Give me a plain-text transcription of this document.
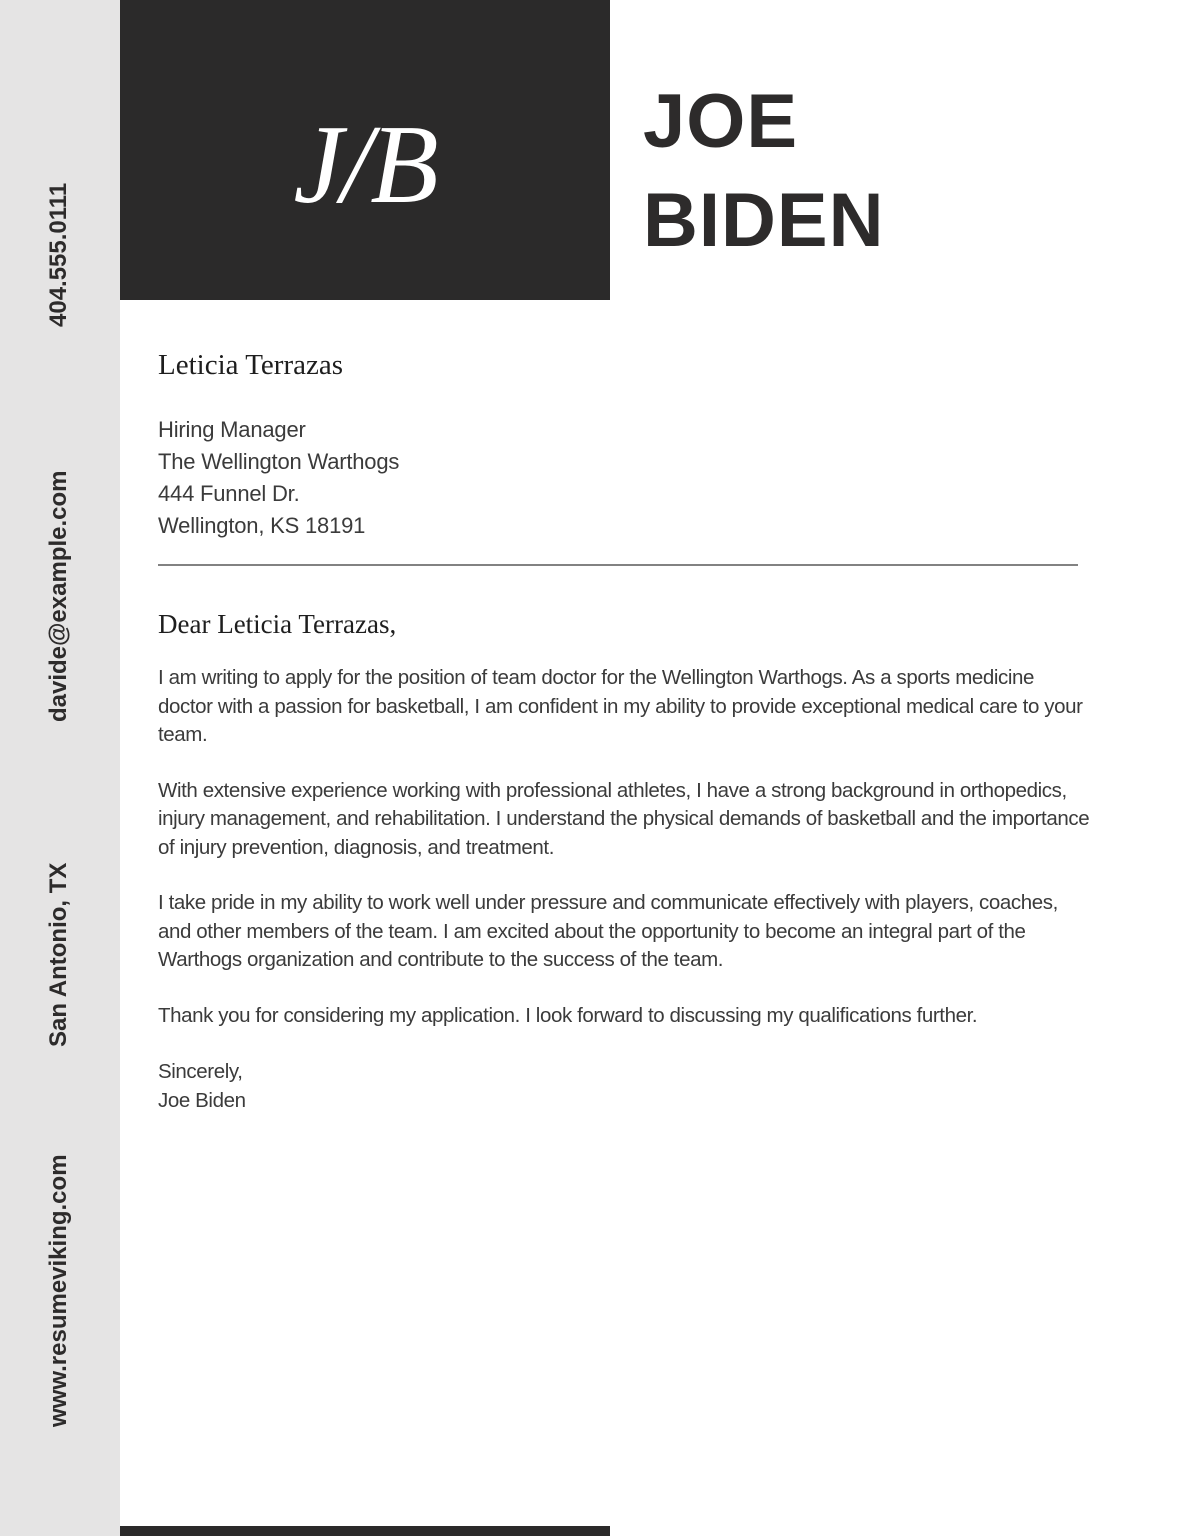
404.555.0111
davide@example.com
San Antonio, TX
www.resumeviking.com
J/B	JOE
BIDEN
Leticia Terrazas
Hiring Manager
The Wellington Warthogs
444 Funnel Dr.
Wellington, KS 18191
Dear Leticia Terrazas,

I am writing to apply for the position of team doctor for the Wellington Warthogs. As a sports medicine doctor with a passion for basketball, I am confident in my ability to provide exceptional medical care to your team.

With extensive experience working with professional athletes, I have a strong background in orthopedics, injury management, and rehabilitation. I understand the physical demands of basketball and the importance of injury prevention, diagnosis, and treatment.

I take pride in my ability to work well under pressure and communicate effectively with players, coaches, and other members of the team. I am excited about the opportunity to become an integral part of the Warthogs organization and contribute to the success of the team.

Thank you for considering my application. I look forward to discussing my qualifications further.

Sincerely,
Joe Biden
